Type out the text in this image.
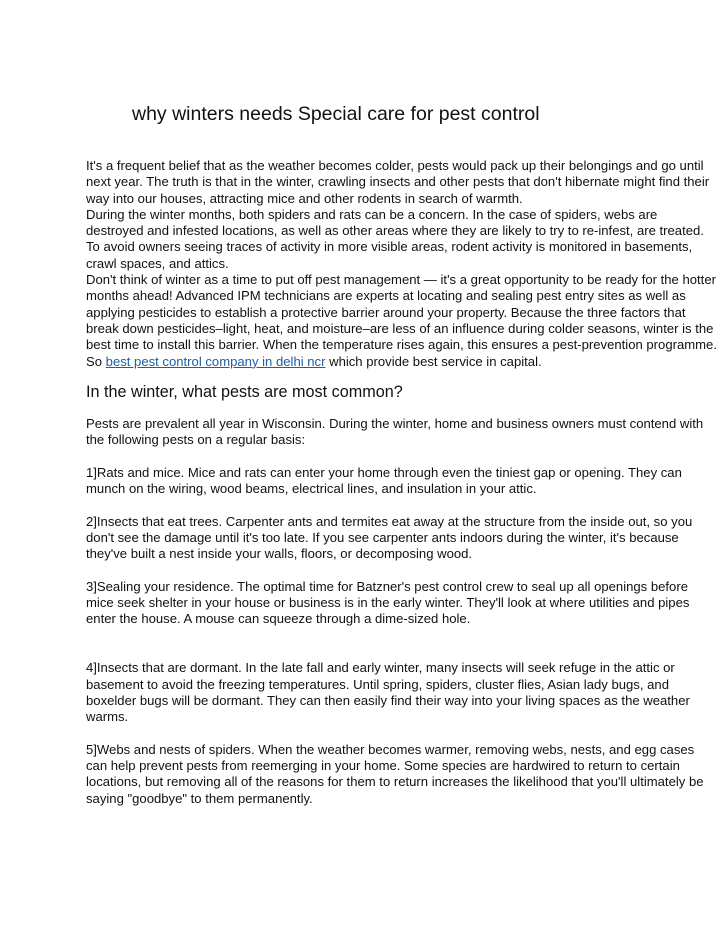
why winters needs Special care for pest control

It's a frequent belief that as the weather becomes colder, pests would pack up their belongings and go until next year. The truth is that in the winter, crawling insects and other pests that don't hibernate might find their way into our houses, attracting mice and other rodents in search of warmth.

During the winter months, both spiders and rats can be a concern. In the case of spiders, webs are destroyed and infested locations, as well as other areas where they are likely to try to re-infest, are treated. To avoid owners seeing traces of activity in more visible areas, rodent activity is monitored in basements, crawl spaces, and attics.

Don't think of winter as a time to put off pest management — it's a great opportunity to be ready for the hotter months ahead! Advanced IPM technicians are experts at locating and sealing pest entry sites as well as applying pesticides to establish a protective barrier around your property. Because the three factors that break down pesticides–light, heat, and moisture–are less of an influence during colder seasons, winter is the best time to install this barrier. When the temperature rises again, this ensures a pest-prevention programme.

So best pest control company in delhi ncr which provide best service in capital.

In the winter, what pests are most common?

Pests are prevalent all year in Wisconsin. During the winter, home and business owners must contend with the following pests on a regular basis:

1]Rats and mice. Mice and rats can enter your home through even the tiniest gap or opening. They can munch on the wiring, wood beams, electrical lines, and insulation in your attic.

2]Insects that eat trees. Carpenter ants and termites eat away at the structure from the inside out, so you don't see the damage until it's too late. If you see carpenter ants indoors during the winter, it's because they've built a nest inside your walls, floors, or decomposing wood.

3]Sealing your residence. The optimal time for Batzner's pest control crew to seal up all openings before mice seek shelter in your house or business is in the early winter. They'll look at where utilities and pipes enter the house. A mouse can squeeze through a dime-sized hole.

4]Insects that are dormant. In the late fall and early winter, many insects will seek refuge in the attic or basement to avoid the freezing temperatures. Until spring, spiders, cluster flies, Asian lady bugs, and boxelder bugs will be dormant. They can then easily find their way into your living spaces as the weather warms.

5]Webs and nests of spiders. When the weather becomes warmer, removing webs, nests, and egg cases can help prevent pests from reemerging in your home. Some species are hardwired to return to certain locations, but removing all of the reasons for them to return increases the likelihood that you'll ultimately be saying "goodbye" to them permanently.
